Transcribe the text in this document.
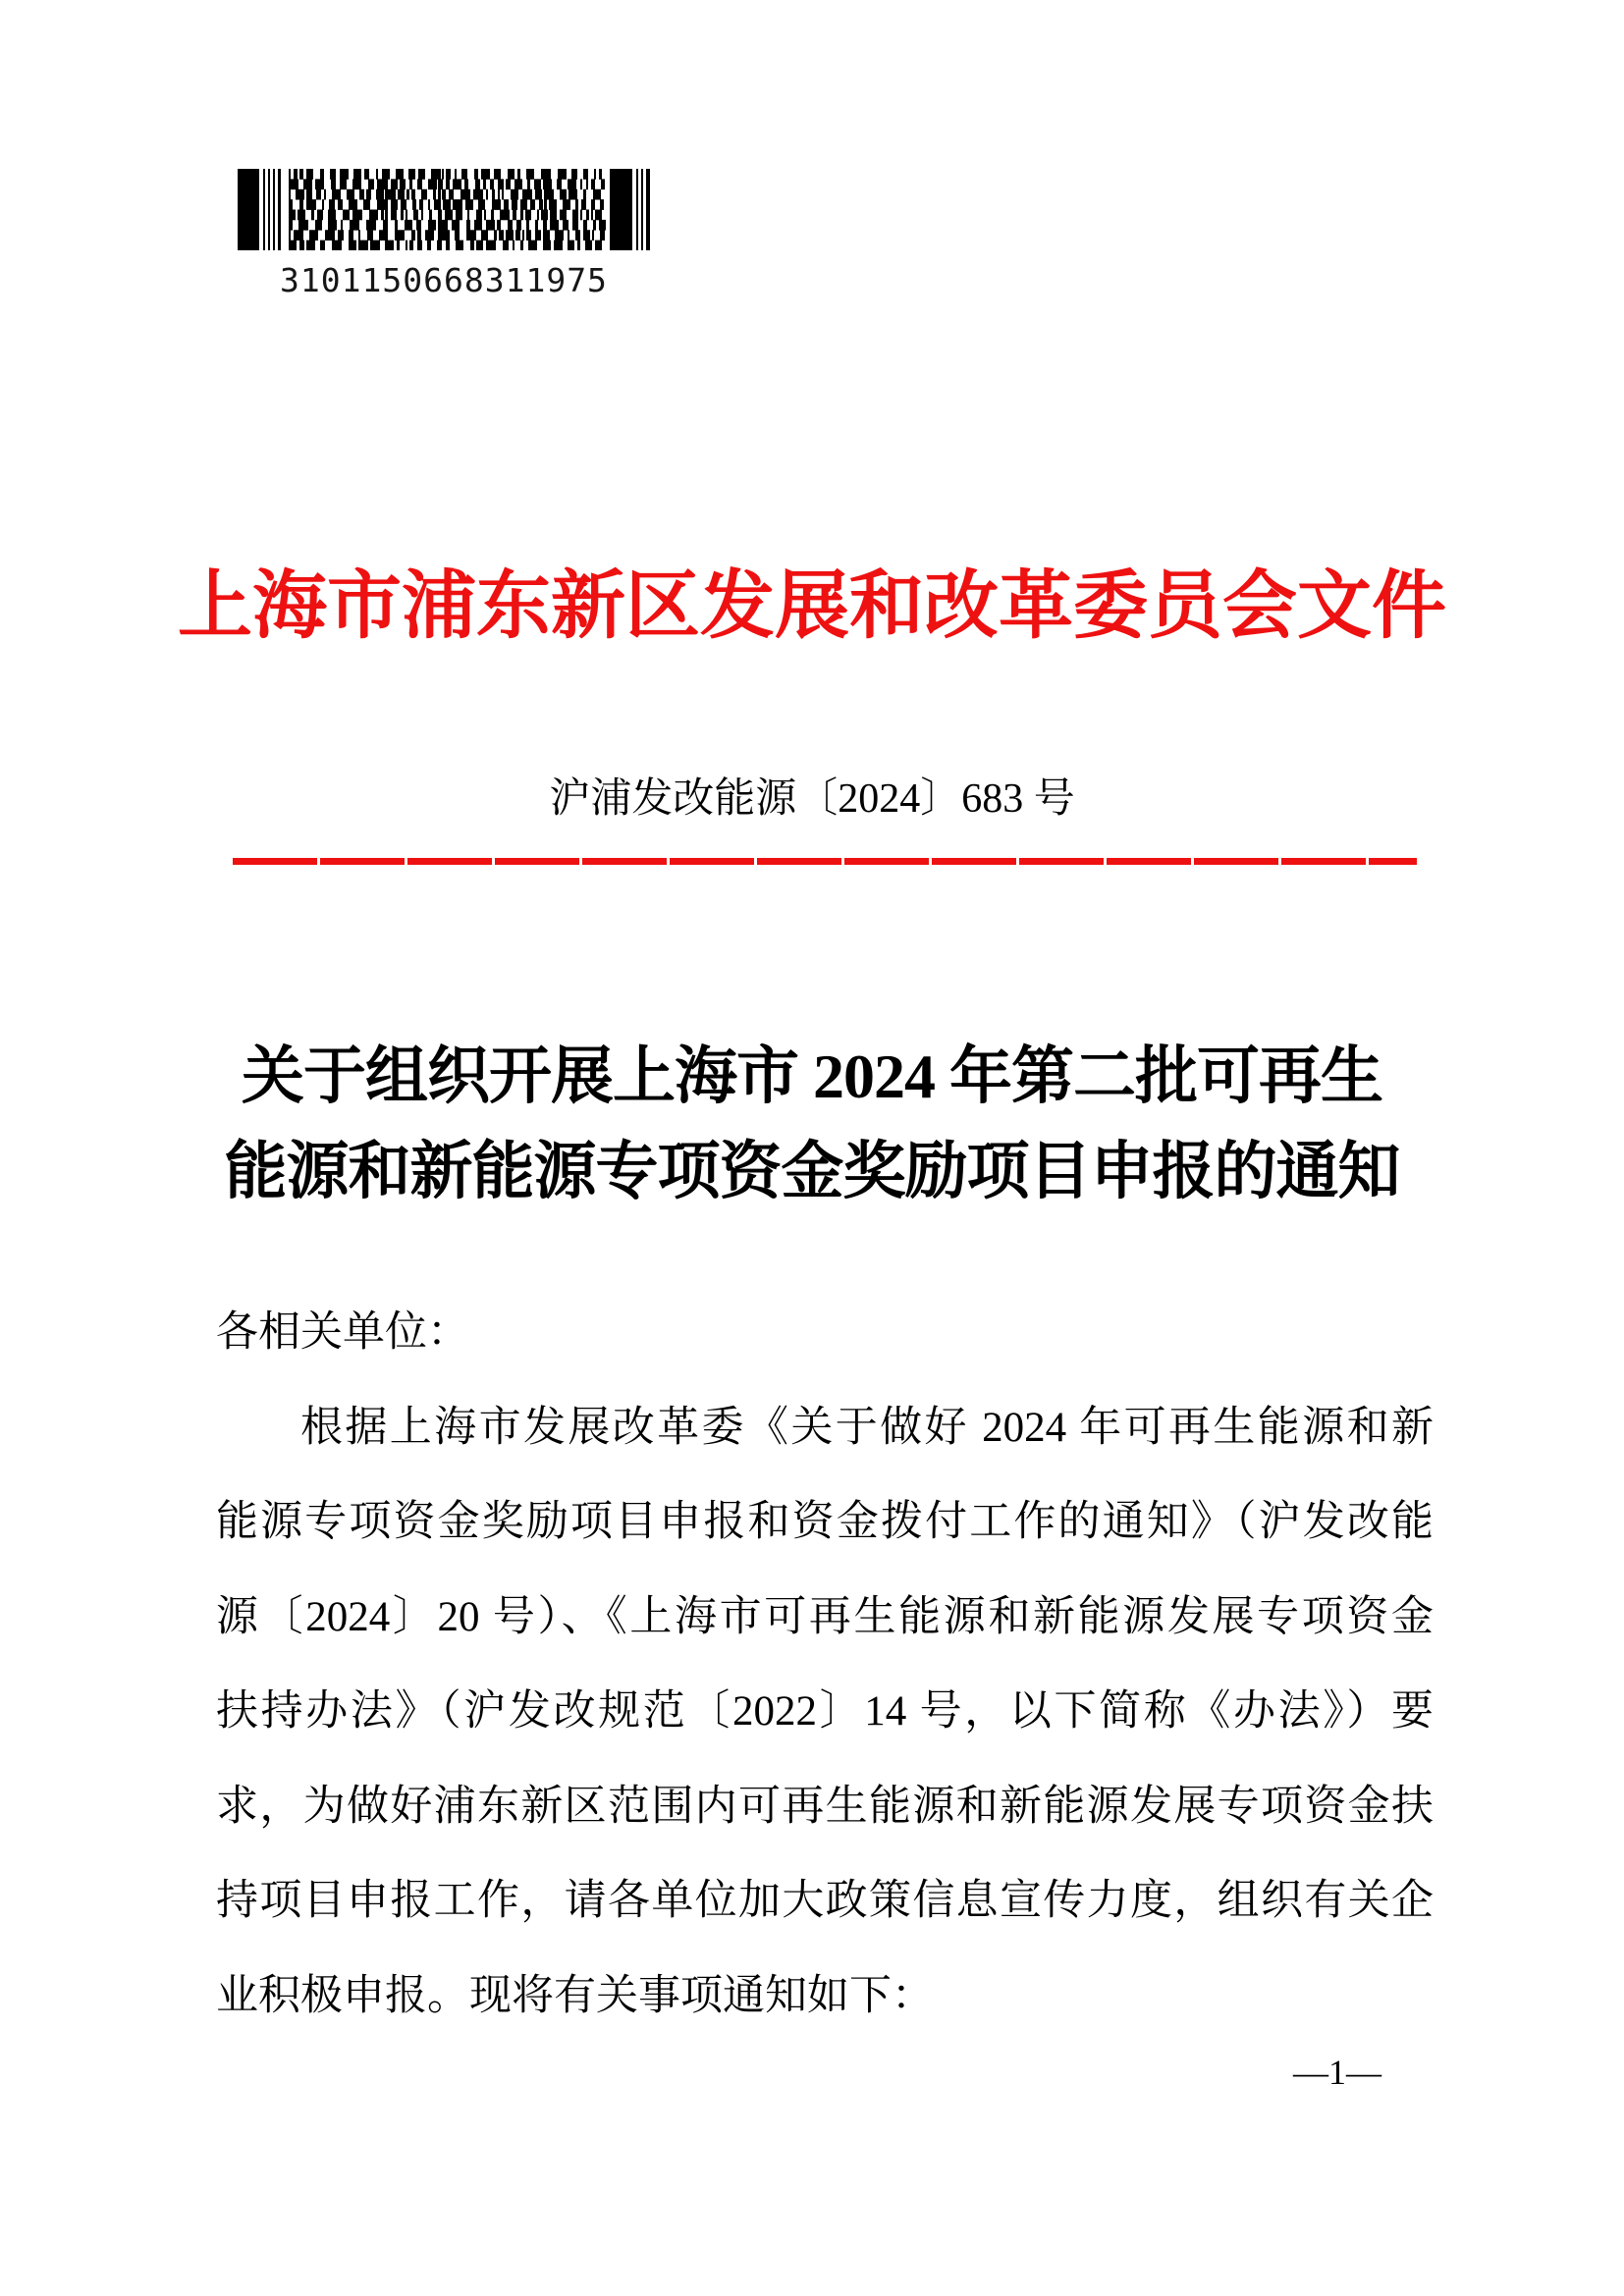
3101150668311975
上海市浦东新区发展和改革委员会文件
沪浦发改能源〔2024〕683 号
关于组织开展上海市 2024 年第二批可再生
能源和新能源专项资金奖励项目申报的通知
各相关单位：
根据上海市发展改革委《关于做好 2024 年可再生能源和新
能源专项资金奖励项目申报和资金拨付工作的通知》（沪发改能
源〔2024〕20 号）、《上海市可再生能源和新能源发展专项资金
扶持办法》（沪发改规范〔2022〕14 号，以下简称《办法》）要
求，为做好浦东新区范围内可再生能源和新能源发展专项资金扶
持项目申报工作，请各单位加大政策信息宣传力度，组织有关企
业积极申报。现将有关事项通知如下：
—1—
